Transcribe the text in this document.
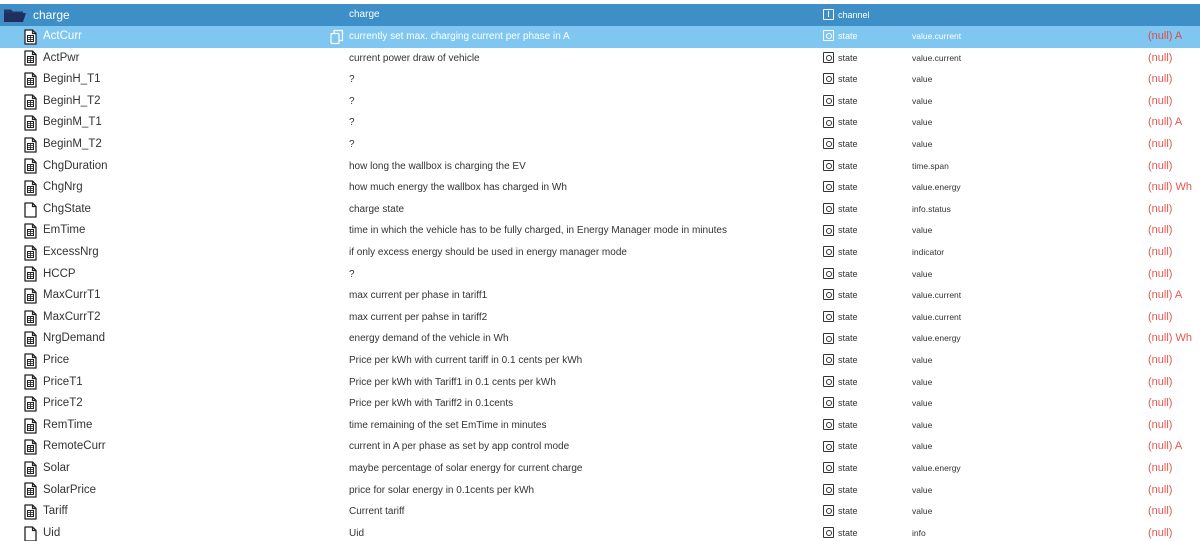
charge	charge	channel
ActCurr	currently set max. charging current per phase in A	state	value.current	(null) A
ActPwr	current power draw of vehicle	state	value.current	(null)
BeginH_T1	?	state	value	(null)
BeginH_T2	?	state	value	(null)
BeginM_T1	?	state	value	(null) A
BeginM_T2	?	state	value	(null)
ChgDuration	how long the wallbox is charging the EV	state	time.span	(null)
ChgNrg	how much energy the wallbox has charged in Wh	state	value.energy	(null) Wh
ChgState	charge state	state	info.status	(null)
EmTime	time in which the vehicle has to be fully charged, in Energy Manager mode in minutes	state	value	(null)
ExcessNrg	if only excess energy should be used in energy manager mode	state	indicator	(null)
HCCP	?	state	value	(null)
MaxCurrT1	max current per phase in tariff1	state	value.current	(null) A
MaxCurrT2	max current per pahse in tariff2	state	value.current	(null)
NrgDemand	energy demand of the vehicle in Wh	state	value.energy	(null) Wh
Price	Price per kWh with current tariff in 0.1 cents per kWh	state	value	(null)
PriceT1	Price per kWh with Tariff1 in 0.1 cents per kWh	state	value	(null)
PriceT2	Price per kWh with Tariff2 in 0.1cents	state	value	(null)
RemTime	time remaining of the set EmTime in minutes	state	value	(null)
RemoteCurr	current in A per phase as set by app control mode	state	value	(null) A
Solar	maybe percentage of solar energy for current charge	state	value.energy	(null)
SolarPrice	price for solar energy in 0.1cents per kWh	state	value	(null)
Tariff	Current tariff	state	value	(null)
Uid	Uid	state	info	(null)
